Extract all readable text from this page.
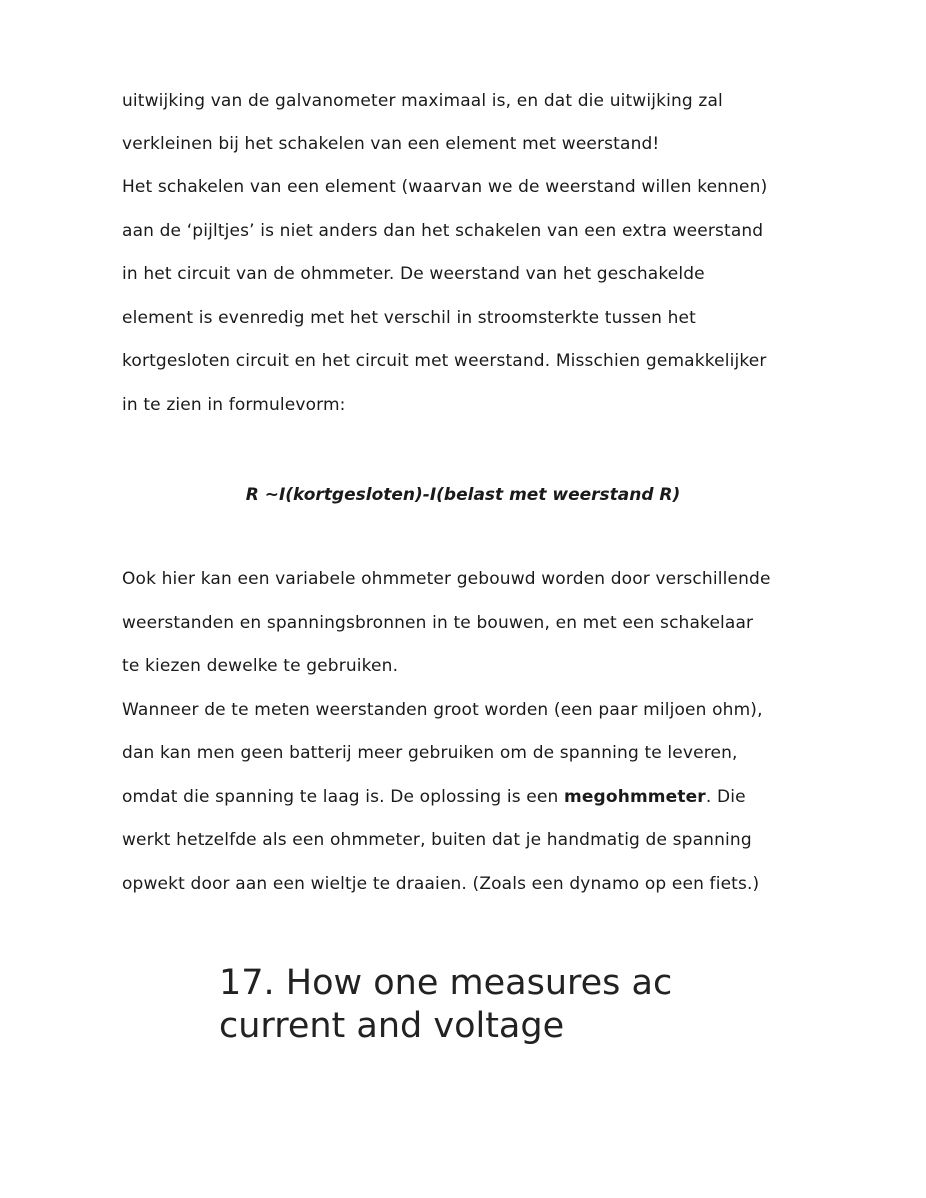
uitwijking van de galvanometer maximaal is, en dat die uitwijking zal

verkleinen bij het schakelen van een element met weerstand!

Het schakelen van een element (waarvan we de weerstand willen kennen)

aan de ‘pijltjes’ is niet anders dan het schakelen van een extra weerstand

in het circuit van de ohmmeter. De weerstand van het geschakelde

element is evenredig met het verschil in stroomsterkte tussen het

kortgesloten circuit en het circuit met weerstand. Misschien gemakkelijker

in te zien in formulevorm:

R ~I(kortgesloten)-I(belast met weerstand R)

Ook hier kan een variabele ohmmeter gebouwd worden door verschillende

weerstanden en spanningsbronnen in te bouwen, en met een schakelaar

te kiezen dewelke te gebruiken.

Wanneer de te meten weerstanden groot worden (een paar miljoen ohm),

dan kan men geen batterij meer gebruiken om de spanning te leveren,

omdat die spanning te laag is. De oplossing is een megohmmeter. Die

werkt hetzelfde als een ohmmeter, buiten dat je handmatig de spanning

opwekt door aan een wieltje te draaien. (Zoals een dynamo op een fiets.)

17. How one measures ac
current and voltage
